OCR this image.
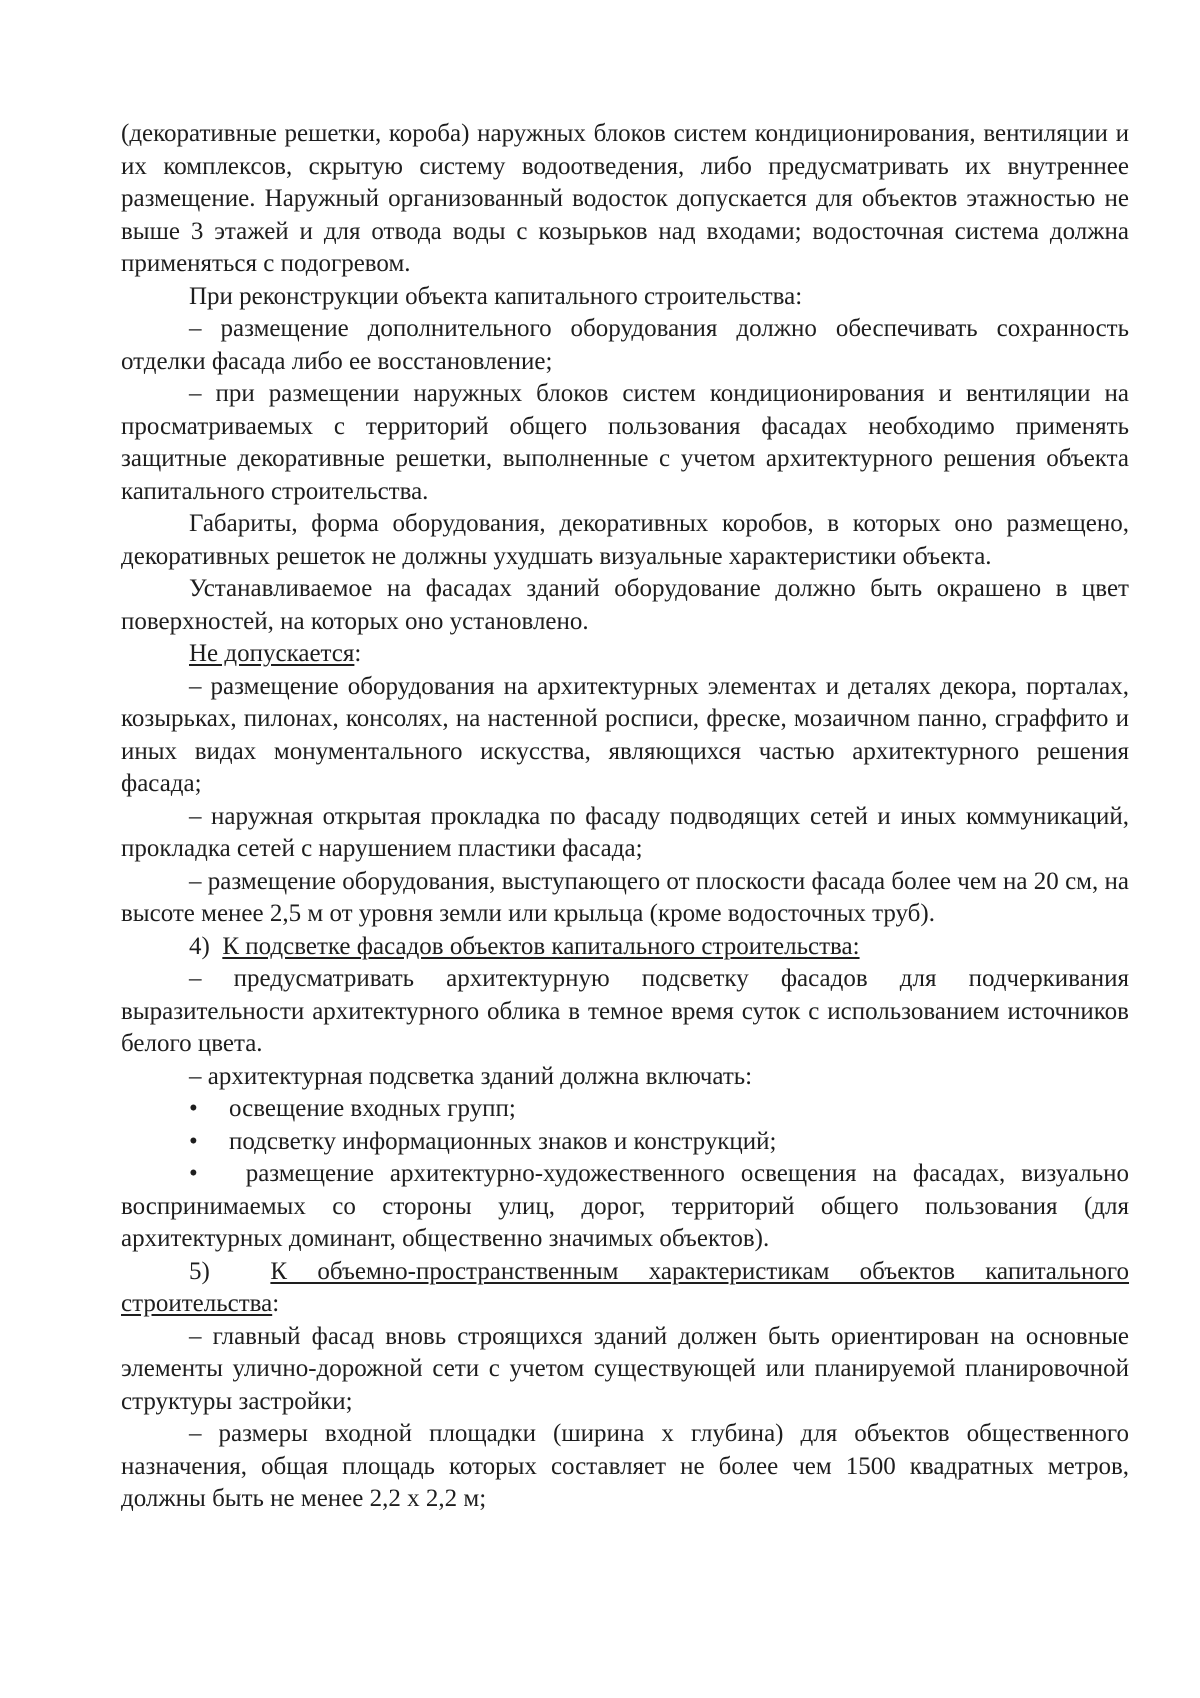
(декоративные решетки, короба) наружных блоков систем кондиционирования, вентиляции и их комплексов, скрытую систему водоотведения, либо предусматривать их внутреннее размещение. Наружный организованный водосток допускается для объектов этажностью не выше 3 этажей и для отвода воды с козырьков над входами; водосточная система должна применяться с подогревом.

При реконструкции объекта капитального строительства:

– размещение дополнительного оборудования должно обеспечивать сохранность отделки фасада либо ее восстановление;

– при размещении наружных блоков систем кондиционирования и вентиляции на просматриваемых с территорий общего пользования фасадах необходимо применять защитные декоративные решетки, выполненные с учетом архитектурного решения объекта капитального строительства.

Габариты, форма оборудования, декоративных коробов, в которых оно размещено, декоративных решеток не должны ухудшать визуальные характеристики объекта.

Устанавливаемое на фасадах зданий оборудование должно быть окрашено в цвет поверхностей, на которых оно установлено.

Не допускается:

– размещение оборудования на архитектурных элементах и деталях декора, порталах, козырьках, пилонах, консолях, на настенной росписи, фреске, мозаичном панно, сграффито и иных видах монументального искусства, являющихся частью архитектурного решения фасада;

– наружная открытая прокладка по фасаду подводящих сетей и иных коммуникаций, прокладка сетей с нарушением пластики фасада;

– размещение оборудования, выступающего от плоскости фасада более чем на 20 см, на высоте менее 2,5 м от уровня земли или крыльца (кроме водосточных труб).

4) К подсветке фасадов объектов капитального строительства:

– предусматривать архитектурную подсветку фасадов для подчеркивания выразительности архитектурного облика в темное время суток с использованием источников белого цвета.

– архитектурная подсветка зданий должна включать:

• освещение входных групп;

• подсветку информационных знаков и конструкций;

• размещение архитектурно-художественного освещения на фасадах, визуально воспринимаемых со стороны улиц, дорог, территорий общего пользования (для архитектурных доминант, общественно значимых объектов).

5) К объемно-пространственным характеристикам объектов капитального строительства:

– главный фасад вновь строящихся зданий должен быть ориентирован на основные элементы улично-дорожной сети с учетом существующей или планируемой планировочной структуры застройки;

– размеры входной площадки (ширина х глубина) для объектов общественного назначения, общая площадь которых составляет не более чем 1500 квадратных метров, должны быть не менее 2,2 х 2,2 м;
